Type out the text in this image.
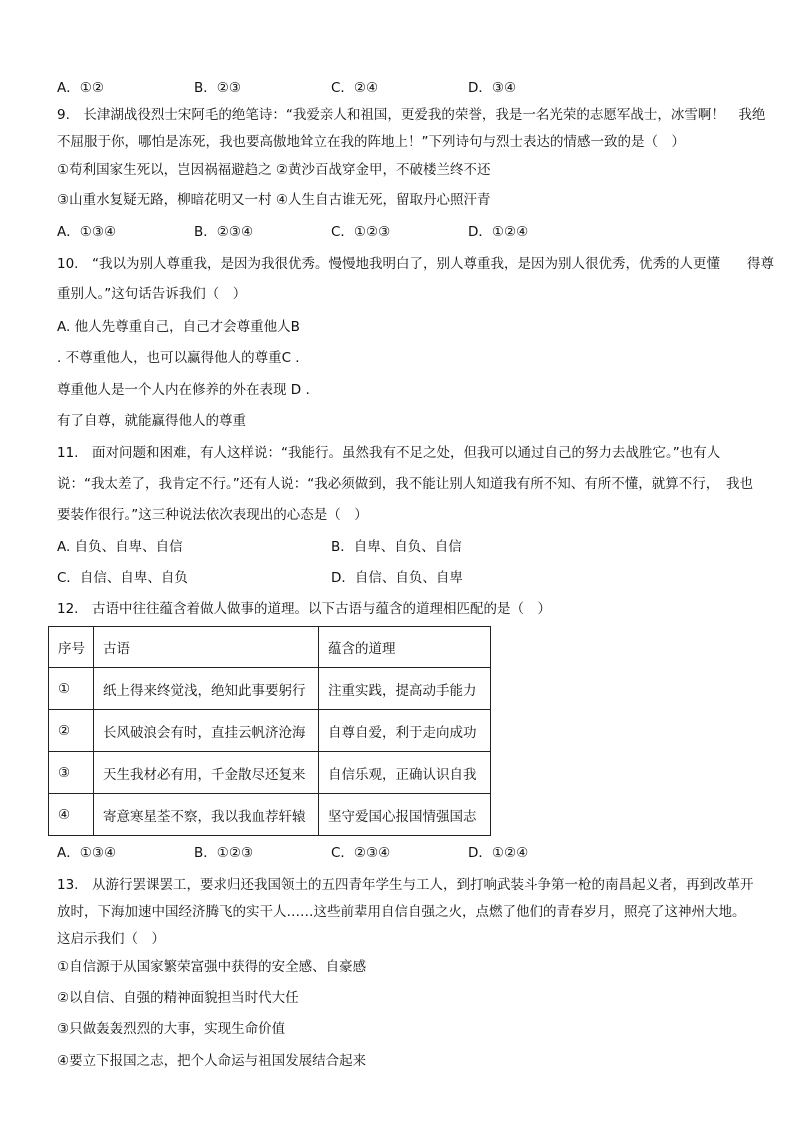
A．①②	B．②③	C．②④	D．③④
9.　长津湖战役烈士宋阿毛的绝笔诗：“我爱亲人和祖国，更爱我的荣誉，我是一名光荣的志愿军战士，冰雪啊！　我绝
不屈服于你，哪怕是冻死，我也要高傲地耸立在我的阵地上！”下列诗句与烈士表达的情感一致的是（　）
①苟利国家生死以，岂因祸福避趋之 ②黄沙百战穿金甲，不破楼兰终不还
③山重水复疑无路，柳暗花明又一村 ④人生自古谁无死，留取丹心照汗青
A．①③④	B．②③④	C．①②③	D．①②④
10.　“我以为别人尊重我，是因为我很优秀。慢慢地我明白了，别人尊重我，是因为别人很优秀，优秀的人更懂　　得尊
重别人。”这句话告诉我们（　）
A. 他人先尊重自己，自己才会尊重他人B
. 不尊重他人，也可以赢得他人的尊重C .
尊重他人是一个人内在修养的外在表现 D .
有了自尊，就能赢得他人的尊重
11.　面对问题和困难，有人这样说：“我能行。虽然我有不足之处，但我可以通过自己的努力去战胜它。”也有人
说：“我太差了，我肯定不行。”还有人说：“我必须做到，我不能让别人知道我有所不知、有所不懂，就算不行，　我也
要装作很行。”这三种说法依次表现出的心态是（　）
A. 自负、自卑、自信	B．自卑、自负、自信
C．自信、自卑、自负	D．自信、自负、自卑
12.　古语中往往蕴含着做人做事的道理。以下古语与蕴含的道理相匹配的是（　）
序号	古语	蕴含的道理
①	纸上得来终觉浅，绝知此事要躬行	注重实践，提高动手能力
②	长风破浪会有时，直挂云帆济沧海	自尊自爱，利于走向成功
③	天生我材必有用，千金散尽还复来	自信乐观，正确认识自我
④	寄意寒星荃不察，我以我血荐轩辕	坚守爱国心报国情强国志
A．①③④	B．①②③	C．②③④	D．①②④
13.　从游行罢课罢工，要求归还我国领土的五四青年学生与工人，到打响武装斗争第一枪的南昌起义者，再到改革开
放时，下海加速中国经济腾飞的实干人……这些前辈用自信自强之火，点燃了他们的青春岁月，照亮了这神州大地。
这启示我们（　）
①自信源于从国家繁荣富强中获得的安全感、自豪感
②以自信、自强的精神面貌担当时代大任
③只做轰轰烈烈的大事，实现生命价值
④要立下报国之志，把个人命运与祖国发展结合起来
